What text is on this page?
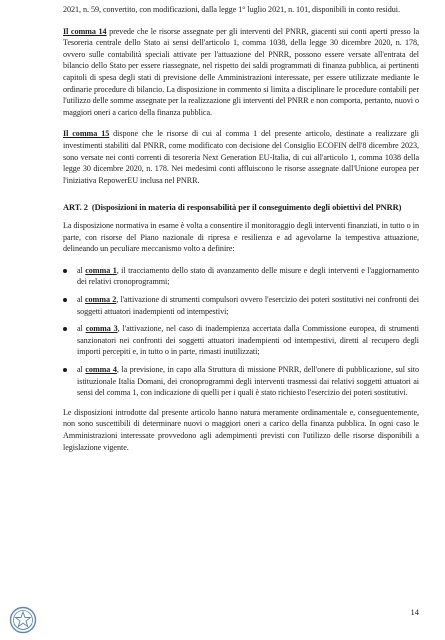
2021, n. 59, convertito, con modificazioni, dalla legge 1° luglio 2021, n. 101, disponibili in conto residui.

Il comma 14 prevede che le risorse assegnate per gli interventi del PNRR, giacenti sui conti aperti presso la Tesoreria centrale dello Stato ai sensi dell'articolo 1, comma 1038, della legge 30 dicembre 2020, n. 178, ovvero sulle contabilità speciali attivate per l'attuazione del PNRR, possono essere versate all'entrata del bilancio dello Stato per essere riassegnate, nel rispetto dei saldi programmati di finanza pubblica, ai pertinenti capitoli di spesa degli stati di previsione delle Amministrazioni interessate, per essere utilizzate mediante le ordinarie procedure di bilancio. La disposizione in commento si limita a disciplinare le procedure contabili per l'utilizzo delle somme assegnate per la realizzazione gli interventi del PNRR e non comporta, pertanto, nuovi o maggiori oneri a carico della finanza pubblica.

Il comma 15 dispone che le risorse di cui al comma 1 del presente articolo, destinate a realizzare gli investimenti stabiliti dal PNRR, come modificato con decisione del Consiglio ECOFIN dell'8 dicembre 2023, sono versate nei conti correnti di tesoreria Next Generation EU-Italia, di cui all'articolo 1, comma 1038 della legge 30 dicembre 2020, n. 178. Nei medesimi conti affluiscono le risorse assegnate dall'Unione europea per l'iniziativa RepowerEU inclusa nel PNRR.

ART. 2 (Disposizioni in materia di responsabilità per il conseguimento degli obiettivi del PNRR)

La disposizione normativa in esame è volta a consentire il monitoraggio degli interventi finanziati, in tutto o in parte, con risorse del Piano nazionale di ripresa e resilienza e ad agevolarne la tempestiva attuazione, delineando un peculiare meccanismo volto a definire:

al comma 1, il tracciamento dello stato di avanzamento delle misure e degli interventi e l'aggiornamento dei relativi cronoprogrammi;

al comma 2, l'attivazione di strumenti compulsori ovvero l'esercizio dei poteri sostitutivi nei confronti dei soggetti attuatori inadempienti od intempestivi;

al comma 3, l'attivazione, nel caso di inadempienza accertata dalla Commissione europea, di strumenti sanzionatori nei confronti dei soggetti attuatori inadempienti od intempestivi, diretti al recupero degli importi percepiti e, in tutto o in parte, rimasti inutilizzati;

al comma 4, la previsione, in capo alla Struttura di missione PNRR, dell'onere di pubblicazione, sul sito istituzionale Italia Domani, dei cronoprogrammi degli interventi trasmessi dai relativi soggetti attuatori ai sensi del comma 1, con indicazione di quelli per i quali è stato richiesto l'esercizio dei poteri sostitutivi.

Le disposizioni introdotte dal presente articolo hanno natura meramente ordinamentale e, conseguentemente, non sono suscettibili di determinare nuovi o maggiori oneri a carico della finanza pubblica. In ogni caso le Amministrazioni interessate provvedono agli adempimenti previsti con l'utilizzo delle risorse disponibili a legislazione vigente.

14
